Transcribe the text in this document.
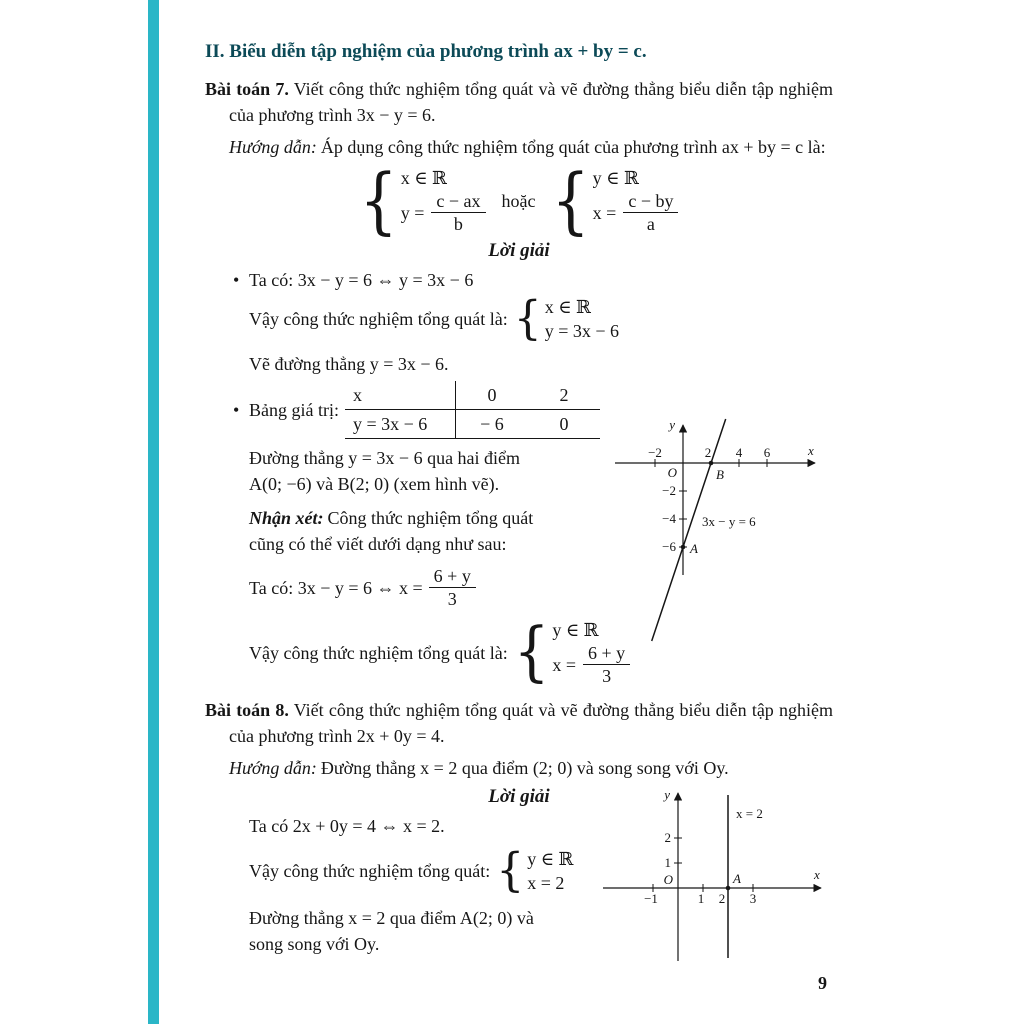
II. Biểu diễn tập nghiệm của phương trình ax + by = c.

Bài toán 7. Viết công thức nghiệm tổng quát và vẽ đường thẳng biểu diễn tập nghiệm của phương trình 3x − y = 6.

Hướng dẫn: Áp dụng công thức nghiệm tổng quát của phương trình ax + by = c là:

{ x ∈ ℝ
$y = \frac{c - ax}{b}$ hoặc { y ∈ ℝ
$x = \frac{c - by}{a}$

Lời giải

• Ta có: 3x − y = 6 ⇔ y = 3x − 6

Vậy công thức nghiệm tổng quát là: { x ∈ ℝ
y = 3x − 6

Vẽ đường thẳng y = 3x − 6.

• Bảng giá trị:
x	0	2
y = 3x − 6	− 6	0

Đường thẳng y = 3x − 6 qua hai điểm A(0; −6) và B(2; 0) (xem hình vẽ).

Nhận xét: Công thức nghiệm tổng quát cũng có thể viết dưới dạng như sau:

Ta có: 3x − y = 6 ⇔ $x = \frac{6 + y}{3}$
Vậy công thức nghiệm tổng quát là: { y ∈ ℝ
$x = \frac{6 + y}{3}$

Bài toán 8. Viết công thức nghiệm tổng quát và vẽ đường thẳng biểu diễn tập nghiệm của phương trình 2x + 0y = 4.

Hướng dẫn: Đường thẳng x = 2 qua điểm (2; 0) và song song với Oy.

Lời giải

Ta có 2x + 0y = 4 ⇔ x = 2.

Vậy công thức nghiệm tổng quát: { y ∈ ℝ
x = 2

Đường thẳng x = 2 qua điểm A(2; 0) và song song với Oy.

y
x
−2	2 4 6
O
−2
−4
−6
B
A
3x − y = 6
y
x
x = 2
2
1
O	A
−1	1 2 3
9
